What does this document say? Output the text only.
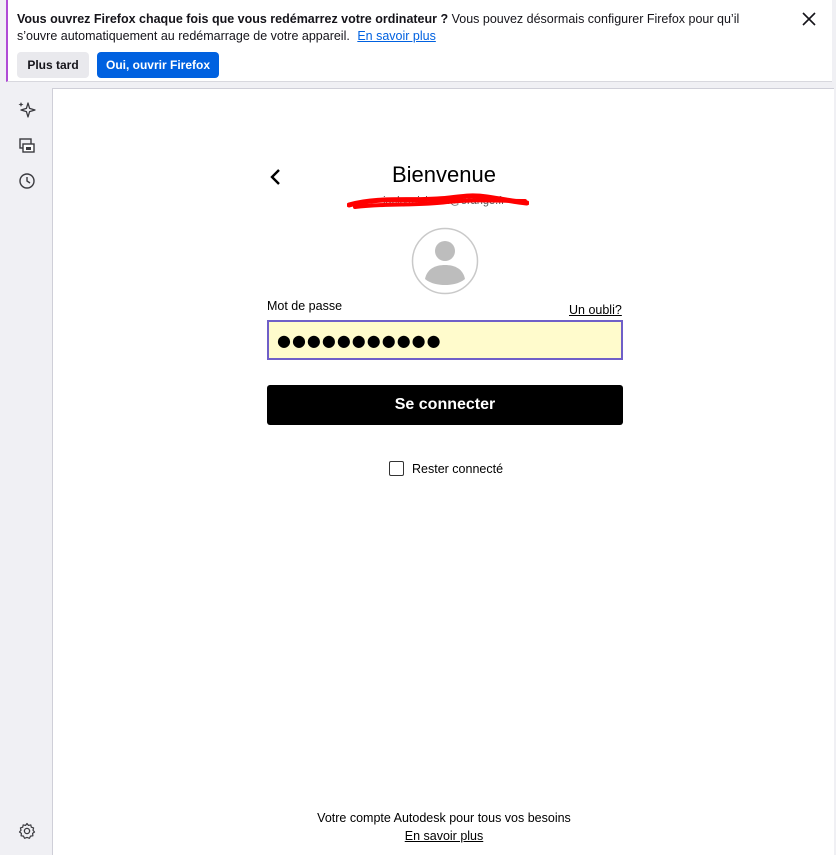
Vous ouvrez Firefox chaque fois que vous redémarrez votre ordinateur ? Vous pouvez désormais configurer Firefox pour qu’il s’ouvre automatiquement au redémarrage de votre appareil. En savoir plus
Plus tard	Oui, ouvrir Firefox
Bienvenue
jackymichaud@orange.fr
Mot de passe	Un oubli?
●●●●●●●●●●●
Se connecter
Rester connecté
Votre compte Autodesk pour tous vos besoins
En savoir plus
